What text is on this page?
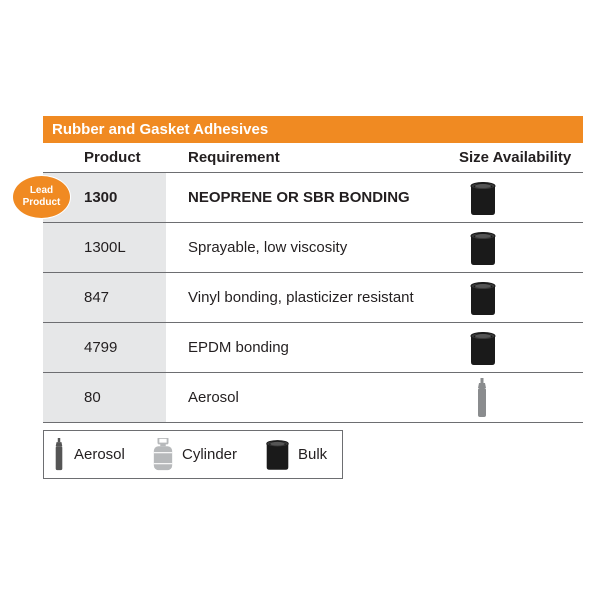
Rubber and Gasket Adhesives
Product	Requirement	Size Availability
1300	NEOPRENE OR SBR BONDING
1300L	Sprayable, low viscosity
847	Vinyl bonding, plasticizer resistant
4799	EPDM bonding
80	Aerosol
Lead
Product
Aerosol	Cylinder	Bulk
